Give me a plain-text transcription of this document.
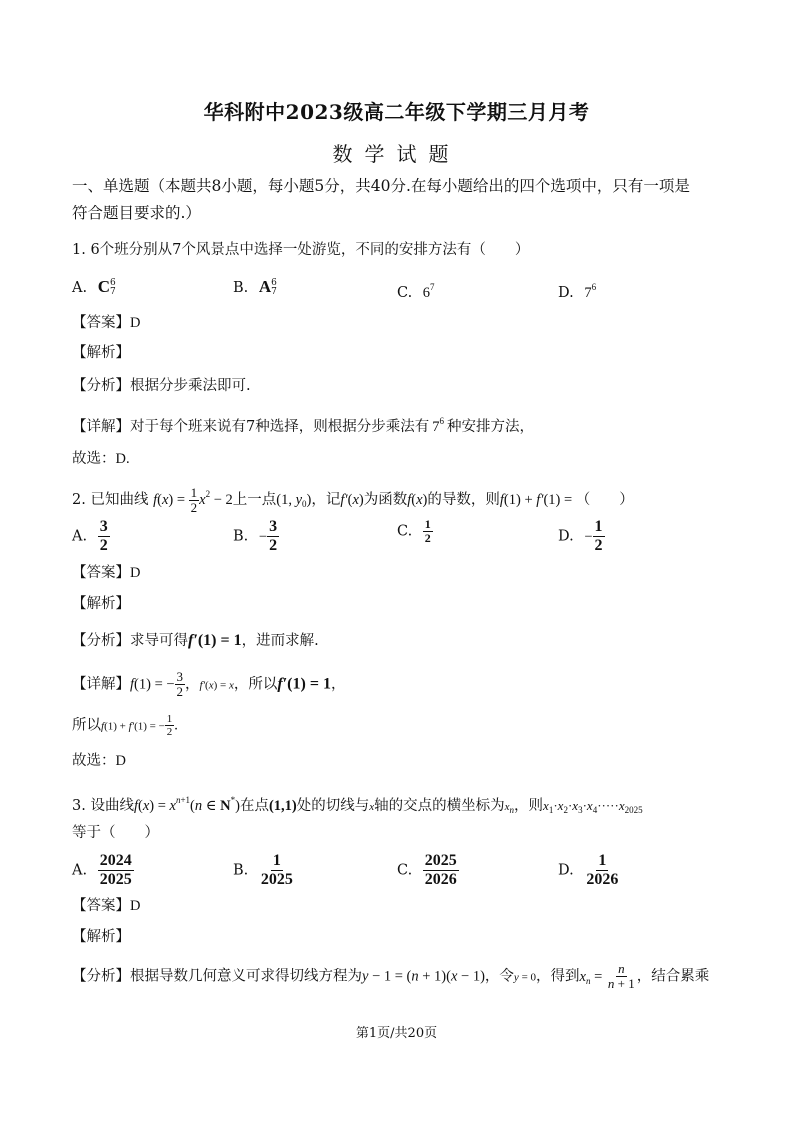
华科附中2023级高二年级下学期三月月考
数学试题
一、单选题（本题共8小题，每小题5分，共40分.在每小题给出的四个选项中，只有一项是
符合题目要求的.）
1. 6个班分别从7个风景点中选择一处游览，不同的安排方法有（　　）
A. C 6
7	B. A 6
7	C. $6^7$	D. $7^6$
【答案】D
【解析】
【分析】根据分步乘法即可.
【详解】对于每个班来说有7种选择，则根据分步乘法有 $7^6$ 种安排方法，
故选：D.
2. 已知曲线 $f(x) = \frac{1}{2} x^2 - 2$上一点(1, $y_0$)，记f′(x)为函数f(x)的导数，则f(1) + f′(1) = （　　）
A. $\frac{3}{2}$	B. − $\frac{3}{2}$	C. $\frac{1}{2}$	D. − $\frac{1}{2}$
【答案】D
【解析】
【分析】求导可得f′(1) = 1，进而求解.
【详解】f(1) = − $\frac{3}{2}$ ，f′(x) = x，所以f′(1) = 1，
所以f(1) + f′(1) = − $\frac{1}{2}$ .
故选：D
3. 设曲线$f(x) = x^{n+1}(n$ ∈ N*)在点(1,1)处的切线与x轴的交点的横坐标为$x_n$，则$x_1\cdot x_2\cdot x_3\cdot x_4\cdot\cdot\cdot\cdot\cdot x_{2025}$
等于（　　）
A. $\frac{2024}{2025}$	B. $\frac{1}{2025}$	C. $\frac{2025}{2026}$	D. $\frac{1}{2026}$
【答案】D
【解析】
【分析】根据导数几何意义可求得切线方程为y − 1 = (n + 1)(x − 1)，令y = 0，得到$x_n = \frac{n}{n + 1}$ ，结合累乘
第1页/共20页
